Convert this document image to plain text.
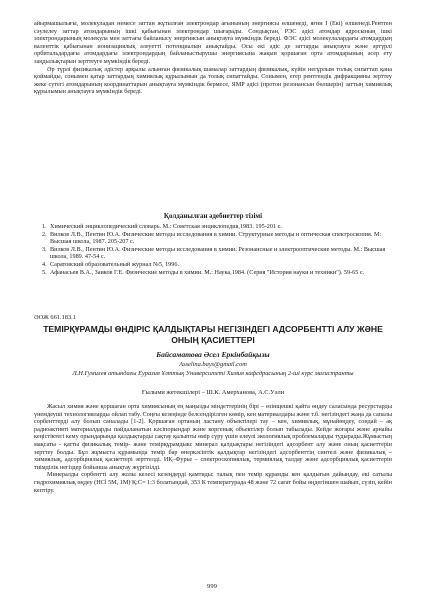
айырмашылығы, молекуладан немесе заттан жұтылған электрондар ағынының энергиясы өлшенеді, яғни І (Екі) өлшенеді.Рентген сәулелеу заттар атомдарының ішкі қабығынан электрондар шығарады. Сондықтан, РЭС әдісі атомдар ядросының ішкі электрондарының молекула мен заттағы байланысу энергиясын анықтауға мүмкіндік береді. ФЭС әдісі молекулалардағы атомдардың валенттік қабығынан ионизациялық әлеуетті потенциалын анықтайды. Осы екі әдіс де заттарды анықтауға және әртүрлі орбитальдардағы атомдардағы электрондардың байланыстырушы энергиясына жақын қоршаған орта атомдарының әсер ету заңдылықтарын зерттеуге мүмкіндік береді.

Әр түрлі физикалық әдістер арқылы алынған физикалық шамалар заттардың физикалық, күйін негұрлым толық сипаттап қана қоймайды, сонымен қатар заттардың химиялық құрылымын да толық сипаттайды. Сонымен, егер рентгендік дифракцияны зерттеу жеке сутегі атомдарының координаттарын анықтауға мүмкіндік бермесе, ЯМР әдісі (протон резонансын бөлшерін) заттың химиялық құрылымын анықтауға мүмкіндік береді.

Қолданылған әдебиеттер тізімі
1. Химический энциклопедический словарь. М.: Советская энциклопедия,1983. 195-201 с.
2. Вилков Л.В., Пентин Ю.А. Физические методы исследования в химии. Структурные методы и оптическая спектроскопия. М: Высшая школа, 1987. 205-207 с.
3. Вилков Л.В., Пентин Ю.А. Физические методы исследования в химии. Резонансные и электрооптические методы. М.: Высшая школа, 1989. 47-54 с.
4. Саратовский образовательный журнал №5, 1996.
5. Афанасьев В.А., Заиков Г.Е. Физические методы в химии. М.: Наука,1984. (Серия "История науки и техники"). 59-65 с.
ӘОЖ 661.183.1
ТЕМІРҚҰРАМДЫ ӨНДІРІС ҚАЛДЫҚТАРЫ НЕГІЗІНДЕГІ АДСОРБЕНТТІ АЛУ ЖӘНЕ ОНЫҢ ҚАСИЕТТЕРІ
Байсаматова Әсел Еркінбайқызы
Asselina.bays@gmail.com
Л.Н.Гумилев атындағы Еуразия Ұлттық Университеті Химия кафедрасының 2-ші курс магистранты
Ғылыми жетекшілері – Ш.К. Амерханова, А.С.Уәли

Жасыл химия және қоршаған орта химиясының ең маңызды міндеттерінің бірі – өзінщешкі қайта өңдеу саласында ресурстарды үнемдеуші технологияларды ойлап табу. Соңғы кезеңінде белсендірілген көмір, кен материалдары және т.б. негізіндегі жаңа да сапалы сорбенттерді алу болып саналады [1-2]. Қоршаған ортаның ластану объектілері тау – кен, химиялық, мұнайөңдеу, сондай – ақ радиоактивті материалдарды пайдаланатын кәсіпорындар және коргенық объектілер болып табылады. Кейде жоғары және арнайы кеңістіктегі кему орындарында қалдықтарды сақтау қалыпты өмір сүру үшін елеулі экологиялық проблемаларды тудырады.Жұмыстың мақсаты - қатты физикалық темір- және темірқұрамдыкс минерал қалдықтары негізіндегі адсорбент алу және оның қасиеттерін зерттеу болды. Бұл жұмыста құрамында темір бар өнеркәсіптік қалдықтар негізіндегі адсорбенттің синтезі және физикалық – химиялық, адсорбциялық қасиеттері зерттелді. ИҚ–Фурье – спектроскопиялық, термиялық талдау және адсорбциялық қасиеттерін тиімділік негіздер бойынша анықтау жүргізілді.

Минералды сорбентті алу жолы келесі кезеңдерді қамтиды: талық пен темір құрамды кен қалдығын дайындау, екі сатылы гидрохимиялық өңдеу (HCl 5M, 1M) Қ:С= 1:3 болатындай, 353 К температурада 48 және 72 сағат бойы өңдегіншен шайып, сүзіп, кейін кептіру.

999
